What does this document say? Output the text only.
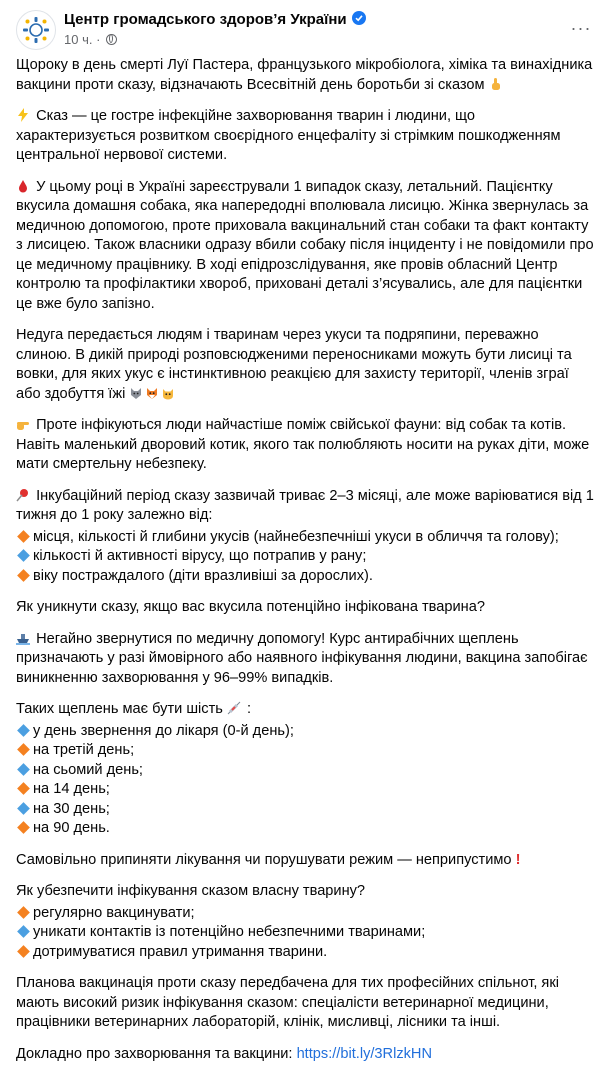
Центр громадського здоров’я України
10 ч. ·
···

Щороку в день смерті Луї Пастера, французького мікробіолога, хіміка та винахідника вакцини проти сказу, відзначають Всесвітній день боротьби зі сказом

Сказ — це гостре інфекційне захворювання тварин і людини, що характеризується розвитком своєрідного енцефаліту зі стрімким пошкодженням центральної нервової системи.

У цьому році в Україні зареєстрували 1 випадок сказу, летальний. Пацієнтку вкусила домашня собака, яка напередодні вполювала лисицю. Жінка звернулась за медичною допомогою, проте приховала вакцинальний стан собаки та факт контакту з лисицею. Також власники одразу вбили собаку після інциденту і не повідомили про це медичному працівнику. В ході епідрозслідування, яке провів обласний Центр контролю та профілактики хвороб, приховані деталі з’ясувались, але для пацієнтки це вже було запізно.

Недуга передається людям і тваринам через укуси та подряпини, переважно слиною. В дикій природі розповсюдженими переносниками можуть бути лисиці та вовки, для яких укус є інстинктивною реакцією для захисту території, членів зграї або здобуття їжі

Проте інфікуються люди найчастіше поміж свійської фауни: від собак та котів. Навіть маленький дворовий котик, якого так полюбляють носити на руках діти, може мати смертельну небезпеку.

Інкубаційний період сказу зазвичай триває 2–3 місяці, але може варіюватися від 1 тижня до 1 року залежно від:

місця, кількості й глибини укусів (найнебезпечніші укуси в обличчя та голову);
кількості й активності вірусу, що потрапив у рану;
віку постраждалого (діти вразливіші за дорослих).

Як уникнути сказу, якщо вас вкусила потенційно інфікована тварина?

Негайно звернутися по медичну допомогу! Курс антирабічних щеплень призначають у разі ймовірного або наявного інфікування людини, вакцина запобігає виникненню захворювання у 96–99% випадків.

Таких щеплень має бути шість :

у день звернення до лікаря (0-й день);
на третій день;
на сьомий день;
на 14 день;
на 30 день;
на 90 день.

Самовільно припиняти лікування чи порушувати режим — неприпустимо !

Як убезпечити інфікування сказом власну тварину?

регулярно вакцинувати;
уникати контактів із потенційно небезпечними тваринами;
дотримуватися правил утримання тварини.

Планова вакцинація проти сказу передбачена для тих професійних спільнот, які мають високий ризик інфікування сказом: спеціалісти ветеринарної медицини, працівники ветеринарних лабораторій, клінік, мисливці, лісники та інші.

Докладно про захворювання та вакцини: https://bit.ly/3RlzkHN
